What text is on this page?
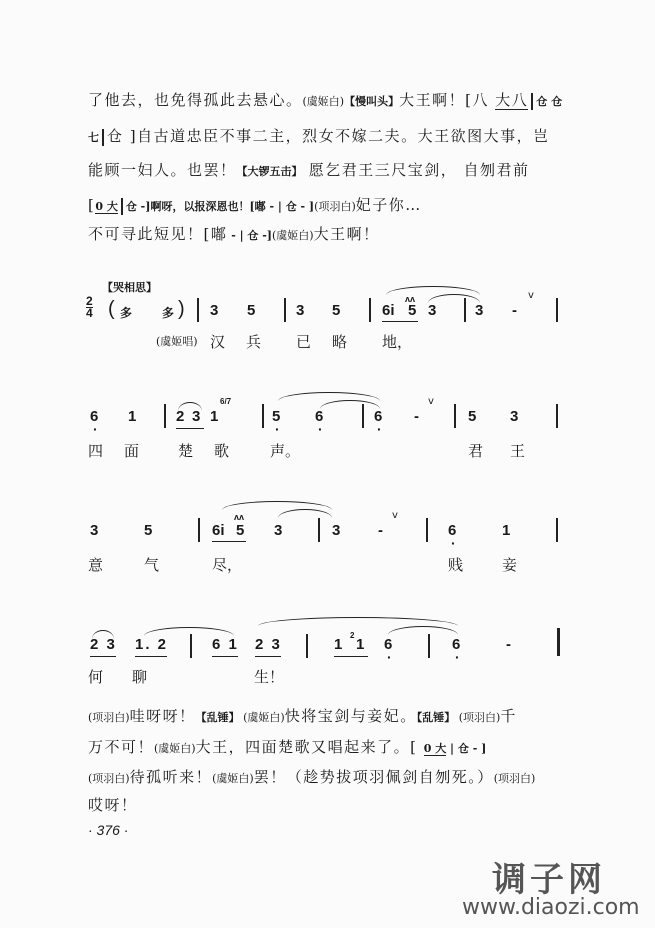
了他去，也免得孤此去悬心。(虞姬白)【慢叫头】大王啊！[八 大八 仓 仓
七 仓 ]自古道忠臣不事二主，烈女不嫁二夫。大王欲图大事，岂
能顾一妇人。也罢！【大锣五击】 愿乞君王三尺宝剑， 自刎君前
[0 大 仓 -]啊呀，以报深恩也！[嘟 - | 仓 - ](项羽白)妃子你…
不可寻此短见！[嘟 - | 仓 -](虞姬白)大王啊！
【哭相思】
2
4 ( 多 多 ) 3 5	3 5	6i
ʌʌ
5 3	3 -
v
(虞姬唱) 汉 兵 已 略 地，
6 · 1	2 3 1
6/7
5 · 6 ·	6 · -
v
5 3
四 面	楚 歌	声。	君 王
3	5	6i
ʌʌ
5 3	3	-
v
6 ·	1
意	气	尽，	贱	妾
2 3 1. 2	6 1 2 3	1
2
1 6 ·	6 ·	-
何 聊	生！
(项羽白)哇呀呀！【乱锤】 (虞姬白)快将宝剑与妾妃。【乱锤】 (项羽白)千
万不可！(虞姬白)大王，四面楚歌又唱起来了。[ 0 大 | 仓 - ]
(项羽白)待孤听来！(虞姬白)罢！（趁势拔项羽佩剑自刎死。）(项羽白)
哎呀！
· 376 ·
调子网
www.diaozi.com
